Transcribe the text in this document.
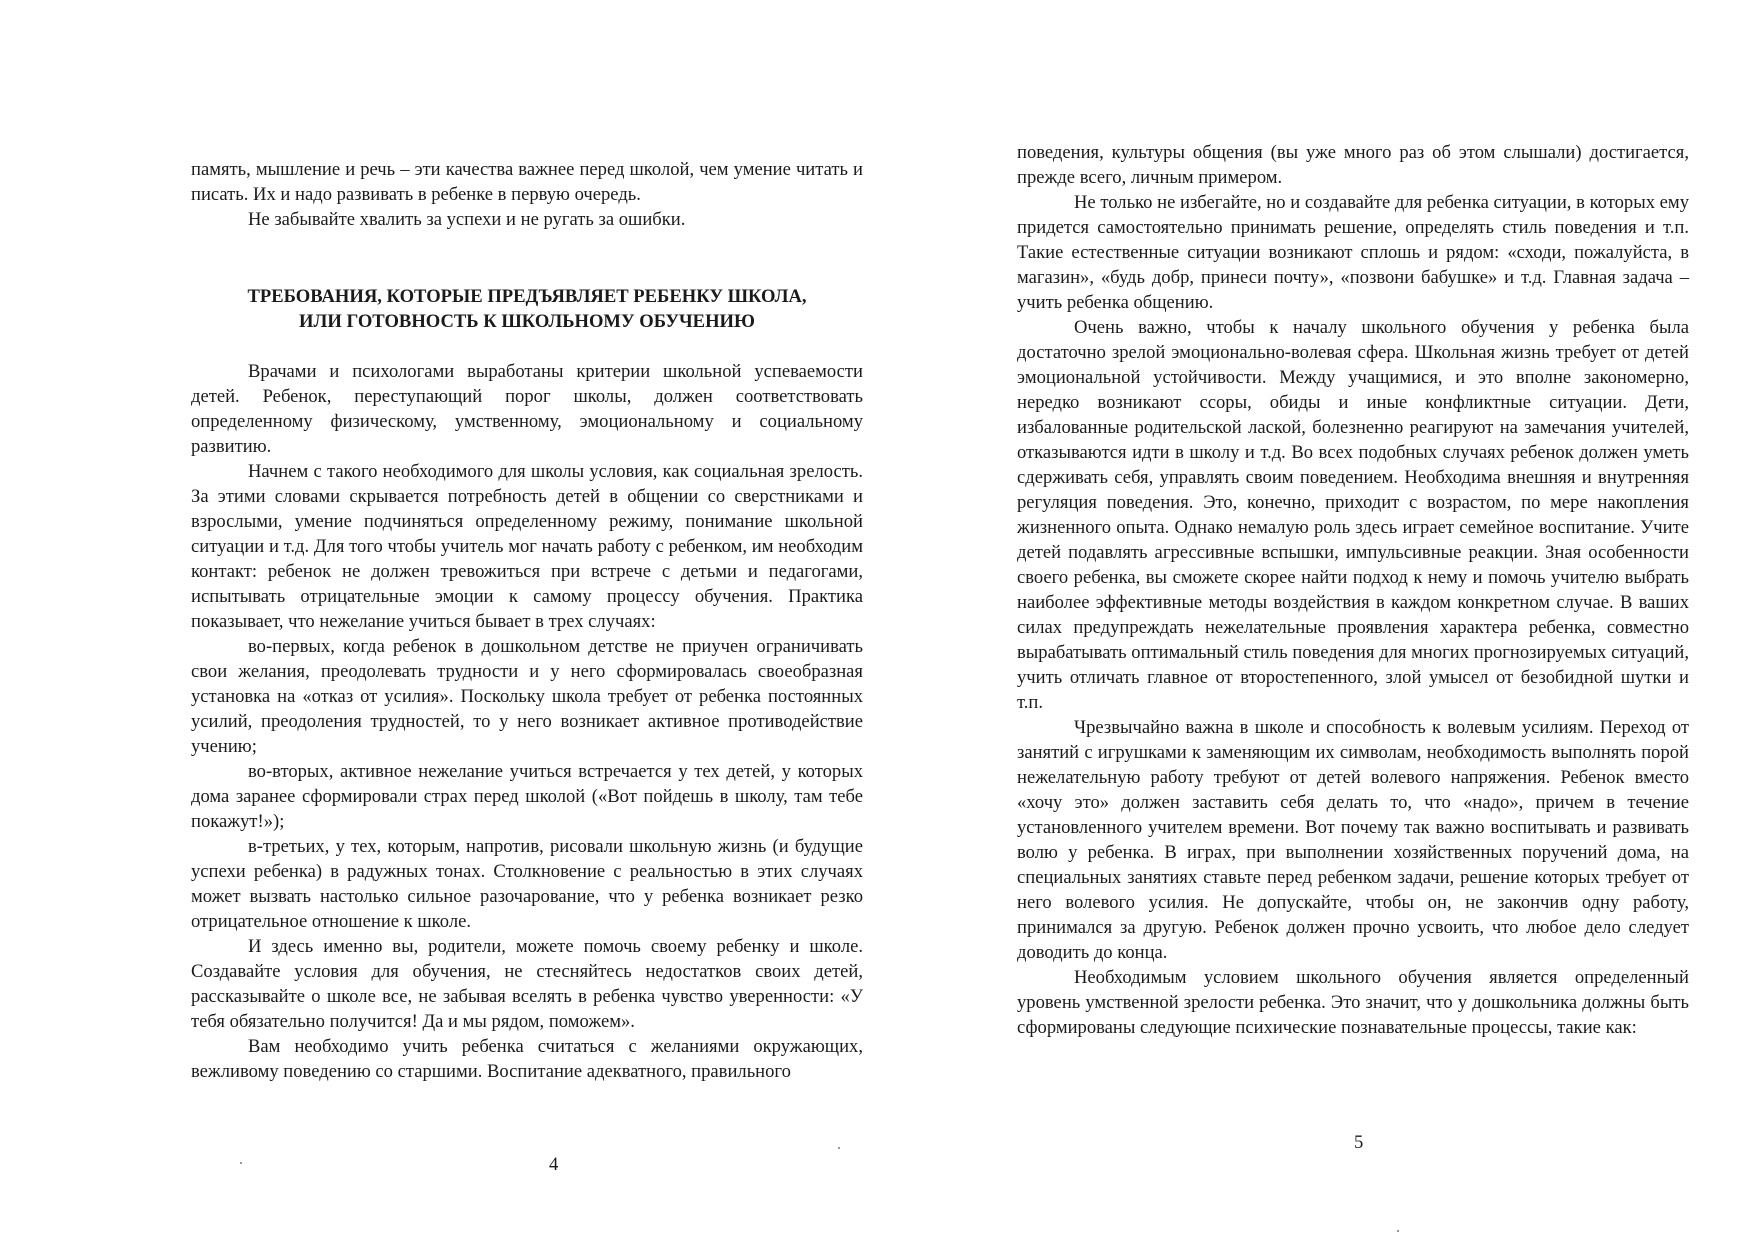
память, мышление и речь – эти качества важнее перед школой, чем умение читать и писать. Их и надо развивать в ребенке в первую очередь.

Не забывайте хвалить за успехи и не ругать за ошибки.

ТРЕБОВАНИЯ, КОТОРЫЕ ПРЕДЪЯВЛЯЕТ РЕБЕНКУ ШКОЛА,
ИЛИ ГОТОВНОСТЬ К ШКОЛЬНОМУ ОБУЧЕНИЮ

Врачами и психологами выработаны критерии школьной успеваемости детей. Ребенок, переступающий порог школы, должен соответствовать определенному физическому, умственному, эмоциональному и социальному развитию.

Начнем с такого необходимого для школы условия, как социальная зрелость. За этими словами скрывается потребность детей в общении со сверстниками и взрослыми, умение подчиняться определенному режиму, понимание школьной ситуации и т.д. Для того чтобы учитель мог начать работу с ребенком, им необходим контакт: ребенок не должен тревожиться при встрече с детьми и педагогами, испытывать отрицательные эмоции к самому процессу обучения. Практика показывает, что нежелание учиться бывает в трех случаях:

во-первых, когда ребенок в дошкольном детстве не приучен ограничивать свои желания, преодолевать трудности и у него сформировалась своеобразная установка на «отказ от усилия». Поскольку школа требует от ребенка постоянных усилий, преодоления трудностей, то у него возникает активное противодействие учению;

во-вторых, активное нежелание учиться встречается у тех детей, у которых дома заранее сформировали страх перед школой («Вот пойдешь в школу, там тебе покажут!»);

в-третьих, у тех, которым, напротив, рисовали школьную жизнь (и будущие успехи ребенка) в радужных тонах. Столкновение с реальностью в этих случаях может вызвать настолько сильное разочарование, что у ребенка возникает резко отрицательное отношение к школе.

И здесь именно вы, родители, можете помочь своему ребенку и школе. Создавайте условия для обучения, не стесняйтесь недостатков своих детей, рассказывайте о школе все, не забывая вселять в ребенка чувство уверенности: «У тебя обязательно получится! Да и мы рядом, поможем».

Вам необходимо учить ребенка считаться с желаниями окружающих, вежливому поведению со старшими. Воспитание адекватного, правильного

4

поведения, культуры общения (вы уже много раз об этом слышали) достигается, прежде всего, личным примером.

Не только не избегайте, но и создавайте для ребенка ситуации, в которых ему придется самостоятельно принимать решение, определять стиль поведения и т.п. Такие естественные ситуации возникают сплошь и рядом: «сходи, пожалуйста, в магазин», «будь добр, принеси почту», «позвони бабушке» и т.д. Главная задача – учить ребенка общению.

Очень важно, чтобы к началу школьного обучения у ребенка была достаточно зрелой эмоционально-волевая сфера. Школьная жизнь требует от детей эмоциональной устойчивости. Между учащимися, и это вполне закономерно, нередко возникают ссоры, обиды и иные конфликтные ситуации. Дети, избалованные родительской лаской, болезненно реагируют на замечания учителей, отказываются идти в школу и т.д. Во всех подобных случаях ребенок должен уметь сдерживать себя, управлять своим поведением. Необходима внешняя и внутренняя регуляция поведения. Это, конечно, приходит с возрастом, по мере накопления жизненного опыта. Однако немалую роль здесь играет семейное воспитание. Учите детей подавлять агрессивные вспышки, импульсивные реакции. Зная особенности своего ребенка, вы сможете скорее найти подход к нему и помочь учителю выбрать наиболее эффективные методы воздействия в каждом конкретном случае. В ваших силах предупреждать нежелательные проявления характера ребенка, совместно вырабатывать оптимальный стиль поведения для многих прогнозируемых ситуаций, учить отличать главное от второстепенного, злой умысел от безобидной шутки и т.п.

Чрезвычайно важна в школе и способность к волевым усилиям. Переход от занятий с игрушками к заменяющим их символам, необходимость выполнять порой нежелательную работу требуют от детей волевого напряжения. Ребенок вместо «хочу это» должен заставить себя делать то, что «надо», причем в течение установленного учителем времени. Вот почему так важно воспитывать и развивать волю у ребенка. В играх, при выполнении хозяйственных поручений дома, на специальных занятиях ставьте перед ребенком задачи, решение которых требует от него волевого усилия. Не допускайте, чтобы он, не закончив одну работу, принимался за другую. Ребенок должен прочно усвоить, что любое дело следует доводить до конца.

Необходимым условием школьного обучения является определенный уровень умственной зрелости ребенка. Это значит, что у дошкольника должны быть сформированы следующие психические познавательные процессы, такие как:

5
